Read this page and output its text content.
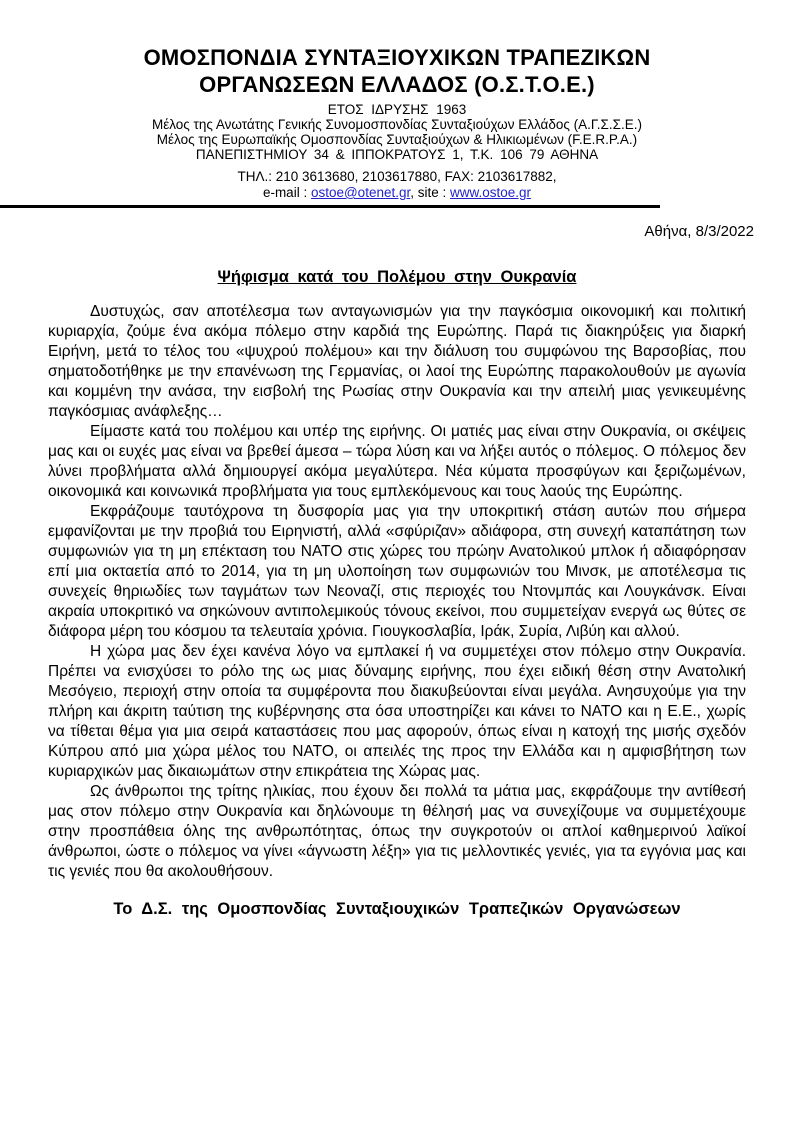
ΟΜΟΣΠΟΝΔΙΑ ΣΥΝΤΑΞΙΟΥΧΙΚΩΝ ΤΡΑΠΕΖΙΚΩΝ
ΟΡΓΑΝΩΣΕΩΝ ΕΛΛΑΔΟΣ (Ο.Σ.Τ.Ο.Ε.)
ΕΤΟΣ ΙΔΡΥΣΗΣ 1963
Μέλος της Ανωτάτης Γενικής Συνομοσπονδίας Συνταξιούχων Ελλάδος (Α.Γ.Σ.Σ.Ε.)
Μέλος της Ευρωπαϊκής Ομοσπονδίας Συνταξιούχων & Ηλικιωμένων (F.E.R.P.A.)
ΠΑΝΕΠΙΣΤΗΜΙΟΥ 34 & ΙΠΠΟΚΡΑΤΟΥΣ 1, Τ.Κ. 106 79 ΑΘΗΝΑ
ΤΗΛ.: 210 3613680, 2103617880, FAX: 2103617882,
e-mail : ostoe@otenet.gr, site : www.ostoe.gr
Αθήνα, 8/3/2022
Ψήφισμα κατά του Πολέμου στην Ουκρανία

Δυστυχώς, σαν αποτέλεσμα των ανταγωνισμών για την παγκόσμια οικονομική και πολιτική κυριαρχία, ζούμε ένα ακόμα πόλεμο στην καρδιά της Ευρώπης. Παρά τις διακηρύξεις για διαρκή Ειρήνη, μετά το τέλος του «ψυχρού πολέμου» και την διάλυση του συμφώνου της Βαρσοβίας, που σηματοδοτήθηκε με την επανένωση της Γερμανίας, οι λαοί της Ευρώπης παρακολουθούν με αγωνία και κομμένη την ανάσα, την εισβολή της Ρωσίας στην Ουκρανία και την απειλή μιας γενικευμένης παγκόσμιας ανάφλεξης…

Είμαστε κατά του πολέμου και υπέρ της ειρήνης. Οι ματιές μας είναι στην Ουκρανία, οι σκέψεις μας και οι ευχές μας είναι να βρεθεί άμεσα – τώρα λύση και να λήξει αυτός ο πόλεμος. Ο πόλεμος δεν λύνει προβλήματα αλλά δημιουργεί ακόμα μεγαλύτερα. Νέα κύματα προσφύγων και ξεριζωμένων, οικονομικά και κοινωνικά προβλήματα για τους εμπλεκόμενους και τους λαούς της Ευρώπης.

Εκφράζουμε ταυτόχρονα τη δυσφορία μας για την υποκριτική στάση αυτών που σήμερα εμφανίζονται με την προβιά του Ειρηνιστή, αλλά «σφύριζαν» αδιάφορα, στη συνεχή καταπάτηση των συμφωνιών για τη μη επέκταση του ΝΑΤΟ στις χώρες του πρώην Ανατολικού μπλοκ ή αδιαφόρησαν επί μια οκταετία από το 2014, για τη μη υλοποίηση των συμφωνιών του Μινσκ, με αποτέλεσμα τις συνεχείς θηριωδίες των ταγμάτων των Νεοναζί, στις περιοχές του Ντονμπάς και Λουγκάνσκ. Είναι ακραία υποκριτικό να σηκώνουν αντιπολεμικούς τόνους εκείνοι, που συμμετείχαν ενεργά ως θύτες σε διάφορα μέρη του κόσμου τα τελευταία χρόνια. Γιουγκοσλαβία, Ιράκ, Συρία, Λιβύη και αλλού.

Η χώρα μας δεν έχει κανένα λόγο να εμπλακεί ή να συμμετέχει στον πόλεμο στην Ουκρανία. Πρέπει να ενισχύσει το ρόλο της ως μιας δύναμης ειρήνης, που έχει ειδική θέση στην Ανατολική Μεσόγειο, περιοχή στην οποία τα συμφέροντα που διακυβεύονται είναι μεγάλα. Ανησυχούμε για την πλήρη και άκριτη ταύτιση της κυβέρνησης στα όσα υποστηρίζει και κάνει το ΝΑΤΟ και η Ε.Ε., χωρίς να τίθεται θέμα για μια σειρά καταστάσεις που μας αφορούν, όπως είναι η κατοχή της μισής σχεδόν Κύπρου από μια χώρα μέλος του ΝΑΤΟ, οι απειλές της προς την Ελλάδα και η αμφισβήτηση των κυριαρχικών μας δικαιωμάτων στην επικράτεια της Χώρας μας.

Ως άνθρωποι της τρίτης ηλικίας, που έχουν δει πολλά τα μάτια μας, εκφράζουμε την αντίθεσή μας στον πόλεμο στην Ουκρανία και δηλώνουμε τη θέλησή μας να συνεχίζουμε να συμμετέχουμε στην προσπάθεια όλης της ανθρωπότητας, όπως την συγκροτούν οι απλοί καθημερινού λαϊκοί άνθρωποι, ώστε ο πόλεμος να γίνει «άγνωστη λέξη» για τις μελλοντικές γενιές, για τα εγγόνια μας και τις γενιές που θα ακολουθήσουν.

Το Δ.Σ. της Ομοσπονδίας Συνταξιουχικών Τραπεζικών Οργανώσεων
